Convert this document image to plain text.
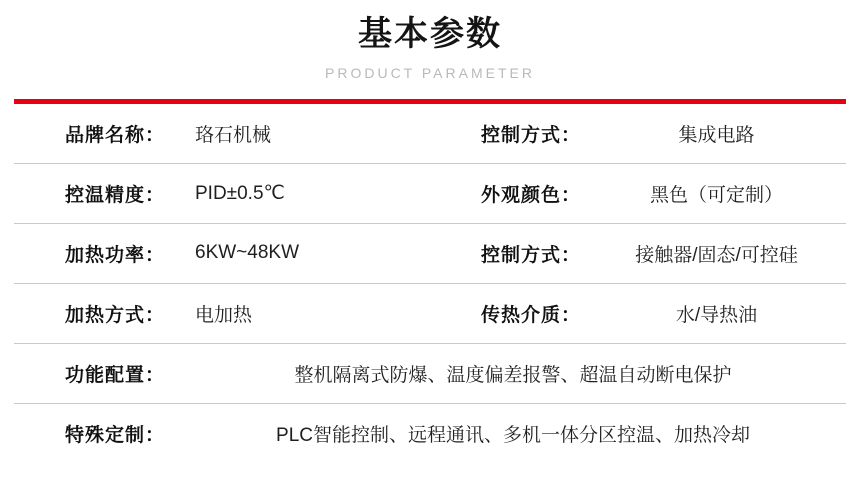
基本参数
PRODUCT PARAMETER
品牌名称：	珞石机械	控制方式：	集成电路
控温精度：	PID±0.5℃	外观颜色：	黑色（可定制）
加热功率：	6KW~48KW	控制方式：	接触器/固态/可控硅
加热方式：	电加热	传热介质：	水/导热油
功能配置：	整机隔离式防爆、温度偏差报警、超温自动断电保护		
特殊定制：	PLC智能控制、远程通讯、多机一体分区控温、加热冷却		
